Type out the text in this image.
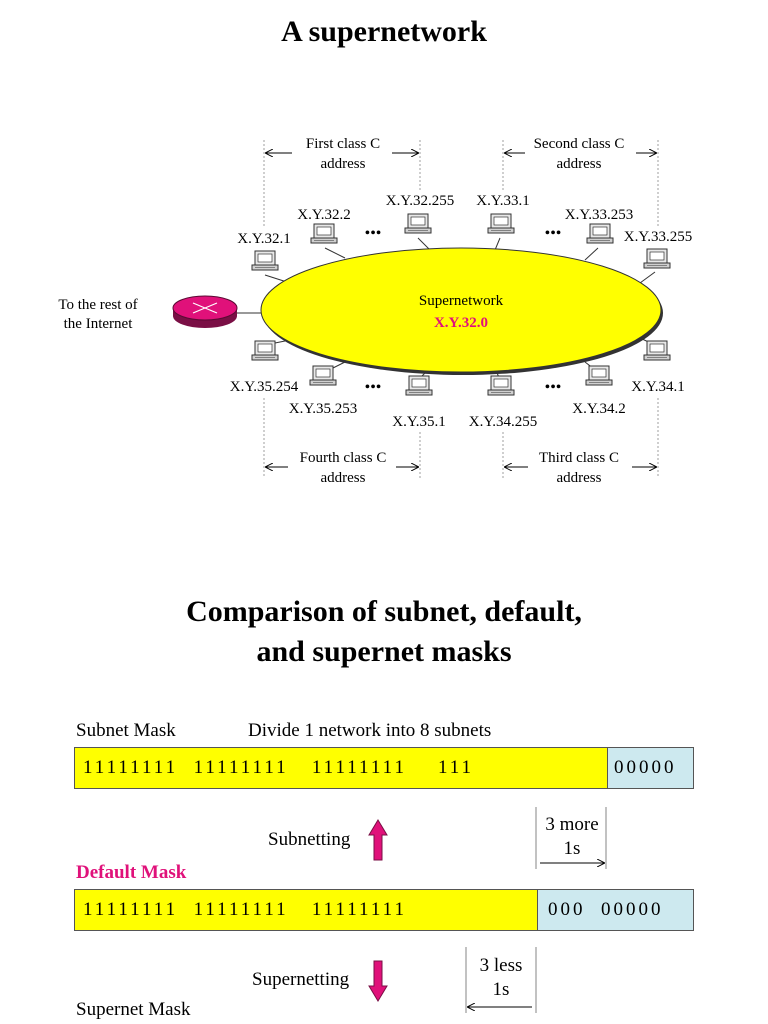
A supernetwork
Supernetwork
X.Y.32.0
To the rest of
the Internet
X.Y.32.1
X.Y.32.2
X.Y.32.255 X.Y.33.1
X.Y.33.253
X.Y.33.255
X.Y.35.254
X.Y.35.253
X.Y.35.1 X.Y.34.255
X.Y.34.2
X.Y.34.1
•••	•••
•••	•••
First class C
address
Second class C
address
Fourth class C
address
Third class C
address
Comparison of subnet, default,
and supernet masks
Subnet Mask	Divide 1 network into 8 subnets
11111111  11111111   11111111    111	00000
Subnetting
3 more
1s
Default Mask
11111111  11111111   11111111	000  00000
Supernetting
3 less
1s
Supernet Mask
